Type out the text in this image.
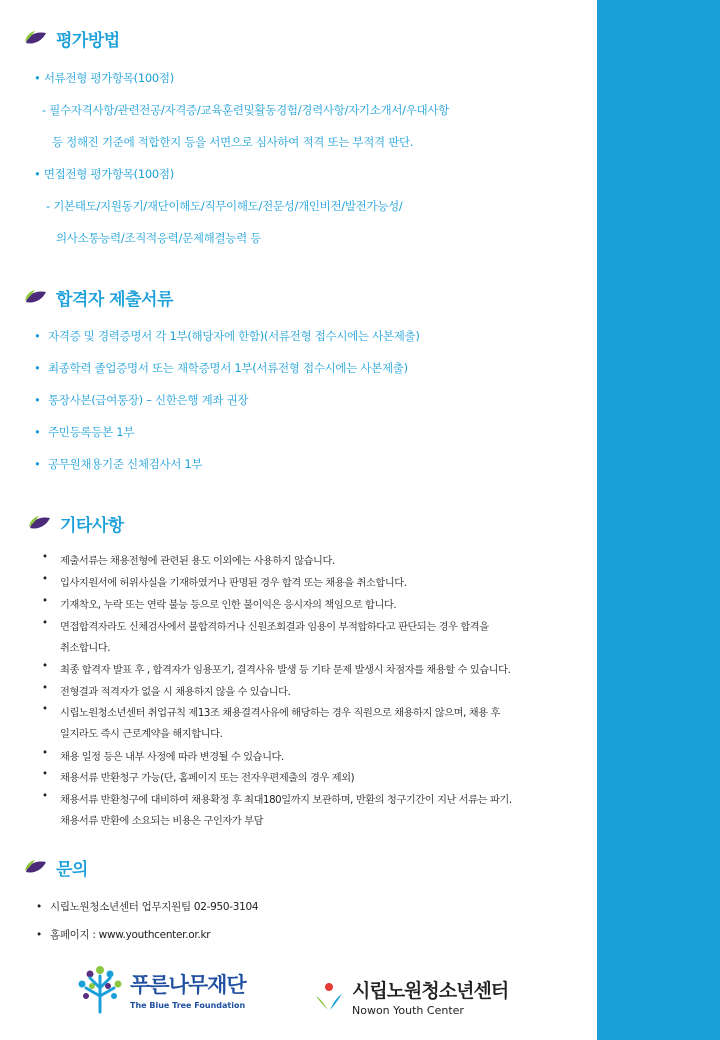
평가방법
• 서류전형 평가항목(100점)
- 필수자격사항/관련전공/자격증/교육훈련및활동경험/경력사항/자기소개서/우대사항
등 정해진 기준에 적합한지 등을 서면으로 심사하여 적격 또는 부적격 판단.
• 면접전형 평가항목(100점)
- 기본태도/지원동기/재단이해도/직무이해도/전문성/개인비전/발전가능성/
의사소통능력/조직적응력/문제해결능력 등
합격자 제출서류
• 자격증 및 경력증명서 각 1부(해당자에 한함)(서류전형 접수시에는 사본제출)
• 최종학력 졸업증명서 또는 재학증명서 1부(서류전형 접수시에는 사본제출)
• 통장사본(급여통장) – 신한은행 계좌 권장
• 주민등록등본 1부
• 공무원채용기준 신체검사서 1부
기타사항
• 제출서류는 채용전형에 관련된 용도 이외에는 사용하지 않습니다.
• 입사지원서에 허위사실을 기재하였거나 판명된 경우 합격 또는 채용을 취소합니다.
• 기재착오, 누락 또는 연락 불능 등으로 인한 불이익은 응시자의 책임으로 합니다.
• 면접합격자라도 신체검사에서 불합격하거나 신원조회결과 임용이 부적합하다고 판단되는 경우 합격을
취소합니다.
• 최종 합격자 발표 후 , 합격자가 임용포기, 결격사유 발생 등 기타 문제 발생시 차점자를 채용할 수 있습니다.
• 전형결과 적격자가 없을 시 채용하지 않을 수 있습니다.
• 시립노원청소년센터 취업규칙 제13조 채용결격사유에 해당하는 경우 직원으로 채용하지 않으며, 채용 후
일지라도 즉시 근로계약을 해지합니다.
• 채용 일정 등은 내부 사정에 따라 변경될 수 있습니다.
• 채용서류 반환청구 가능(단, 홈페이지 또는 전자우편제출의 경우 제외)
• 채용서류 반환청구에 대비하여 채용확정 후 최대180일까지 보관하며, 반환의 청구기간이 지난 서류는 파기.
채용서류 반환에 소요되는 비용은 구인자가 부담
문의
• 시립노원청소년센터 업무지원팀 02-950-3104
• 홈페이지 : www.youthcenter.or.kr
푸른나무재단
The Blue Tree Foundation
시립노원청소년센터
Nowon Youth Center
